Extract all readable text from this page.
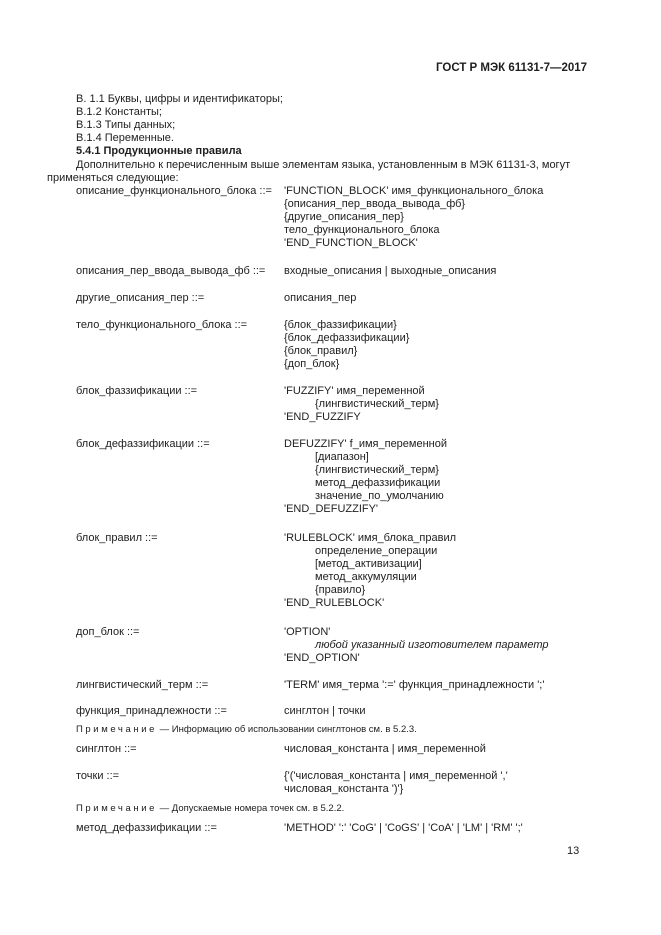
ГОСТ Р МЭК 61131-7—2017
В. 1.1 Буквы, цифры и идентификаторы;
В.1.2 Константы;
В.1.3 Типы данных;
В.1.4 Переменные.
5.4.1 Продукционные правила
Дополнительно к перечисленным выше элементам языка, установленным в МЭК 61131-3, могут
применяться следующие:
описание_функционального_блока ::= 'FUNCTION_BLOCK' имя_функционального_блока
{описания_пер_ввода_вывода_фб}
{другие_описания_пер}
тело_функционального_блока
'END_FUNCTION_BLOCK'
описания_пер_ввода_вывода_фб ::= входные_описания | выходные_описания
другие_описания_пер ::=	описания_пер
тело_функционального_блока ::=	{блок_фаззификации}
{блок_дефаззификации}
{блок_правил}
{доп_блок}
блок_фаззификации ::=	'FUZZIFY' имя_переменной
{лингвистический_терм}
'END_FUZZIFY
блок_дефаззификации ::=	DEFUZZIFY' f_имя_переменной
[диапазон]
{лингвистический_терм}
метод_дефаззификации
значение_по_умолчанию
'END_DEFUZZIFY'
блок_правил ::=	'RULEBLOCK' имя_блока_правил
определение_операции
[метод_активизации]
метод_аккумуляции
{правило}
'END_RULEBLOCK'
доп_блок ::=	'OPTION'
любой указанный изготовителем параметр
'END_OPTION'
лингвистический_терм ::=	'TERM' имя_терма ':=' функция_принадлежности ';'
функция_принадлежности ::=	синглтон | точки
Примечание — Информацию об использовании синглтонов см. в 5.2.3.
синглтон ::=	числовая_константа | имя_переменной
точки ::=	{'('числовая_константа | имя_переменной ','
числовая_константа ')'}
Примечание — Допускаемые номера точек см. в 5.2.2.
метод_дефаззификации ::=	'METHOD' ':' 'CoG' | 'CoGS' | 'CoA' | 'LM' | 'RM' ';'
13
